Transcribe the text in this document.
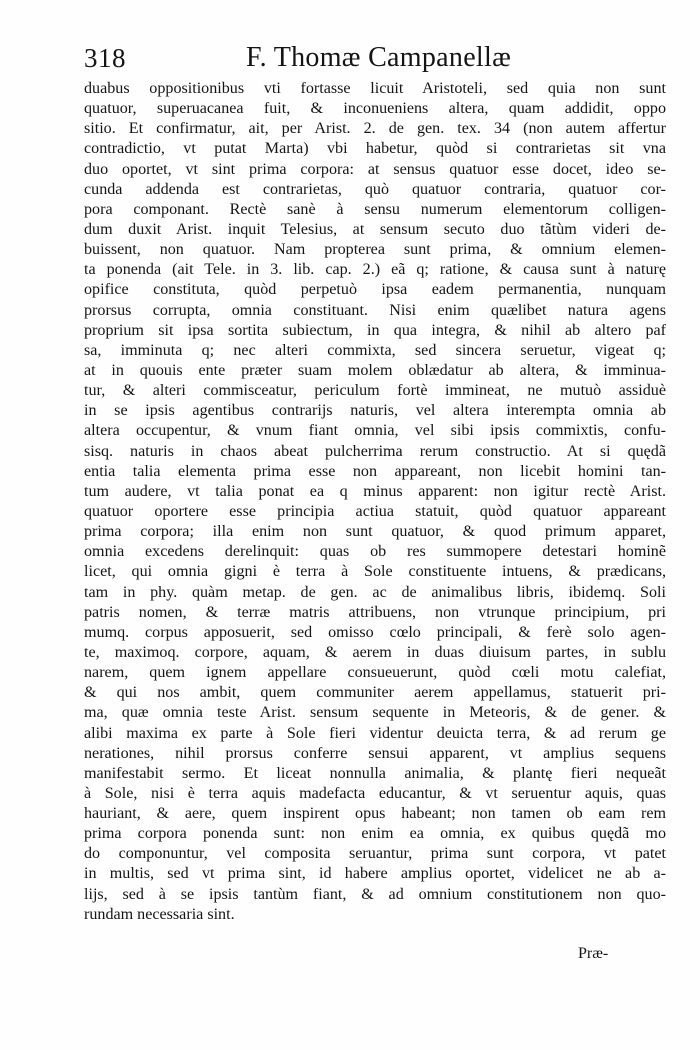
318	F. Thomæ Campanellæ
duabus oppositionibus vti fortasse licuit Aristoteli, sed quia non sunt
quatuor, superuacanea fuit, & inconueniens altera, quam addidit, oppo
sitio. Et confirmatur, ait, per Arist. 2. de gen. tex. 34 (non autem affertur
contradictio, vt putat Marta) vbi habetur, quòd si contrarietas sit vna
duo oportet, vt sint prima corpora: at sensus quatuor esse docet, ideo se-
cunda addenda est contrarietas, quò quatuor contraria, quatuor cor-
pora componant. Rectè sanè à sensu numerum elementorum colligen-
dum duxit Arist. inquit Telesius, at sensum secuto duo tãtùm videri de-
buissent, non quatuor. Nam propterea sunt prima, & omnium elemen-
ta ponenda (ait Tele. in 3. lib. cap. 2.) eã q; ratione, & causa sunt à naturę
opifice constituta, quòd perpetuò ipsa eadem permanentia, nunquam
prorsus corrupta, omnia constituant. Nisi enim quælibet natura agens
proprium sit ipsa sortita subiectum, in qua integra, & nihil ab altero paf
sa, imminuta q; nec alteri commixta, sed sincera seruetur, vigeat q;
at in quouis ente præter suam molem oblædatur ab altera, & imminua-
tur, & alteri commisceatur, periculum fortè immineat, ne mutuò assiduè
in se ipsis agentibus contrarijs naturis, vel altera interempta omnia ab
altera occupentur, & vnum fiant omnia, vel sibi ipsis commixtis, confu-
sisq. naturis in chaos abeat pulcherrima rerum constructio. At si quędã
entia talia elementa prima esse non appareant, non licebit homini tan-
tum audere, vt talia ponat ea q minus apparent: non igitur rectè Arist.
quatuor oportere esse principia actiua statuit, quòd quatuor appareant
prima corpora; illa enim non sunt quatuor, & quod primum apparet,
omnia excedens derelinquit: quas ob res summopere detestari hominẽ
licet, qui omnia gigni è terra à Sole constituente intuens, & prædicans,
tam in phy. quàm metap. de gen. ac de animalibus libris, ibidemq. Soli
patris nomen, & terræ matris attribuens, non vtrunque principium, pri
mumq. corpus apposuerit, sed omisso cœlo principali, & ferè solo agen-
te, maximoq. corpore, aquam, & aerem in duas diuisum partes, in sublu
narem, quem ignem appellare consueuerunt, quòd cœli motu calefiat,
& qui nos ambit, quem communiter aerem appellamus, statuerit pri-
ma, quæ omnia teste Arist. sensum sequente in Meteoris, & de gener. &
alibi maxima ex parte à Sole fieri videntur deuicta terra, & ad rerum ge
nerationes, nihil prorsus conferre sensui apparent, vt amplius sequens
manifestabit sermo. Et liceat nonnulla animalia, & plantę fieri nequeãt
à Sole, nisi è terra aquis madefacta educantur, & vt seruentur aquis, quas
hauriant, & aere, quem inspirent opus habeant; non tamen ob eam rem
prima corpora ponenda sunt: non enim ea omnia, ex quibus quędã mo
do componuntur, vel composita seruantur, prima sunt corpora, vt patet
in multis, sed vt prima sint, id habere amplius oportet, videlicet ne ab a-
lijs, sed à se ipsis tantùm fiant, & ad omnium constitutionem non quo-
rundam necessaria sint.
Præ-
